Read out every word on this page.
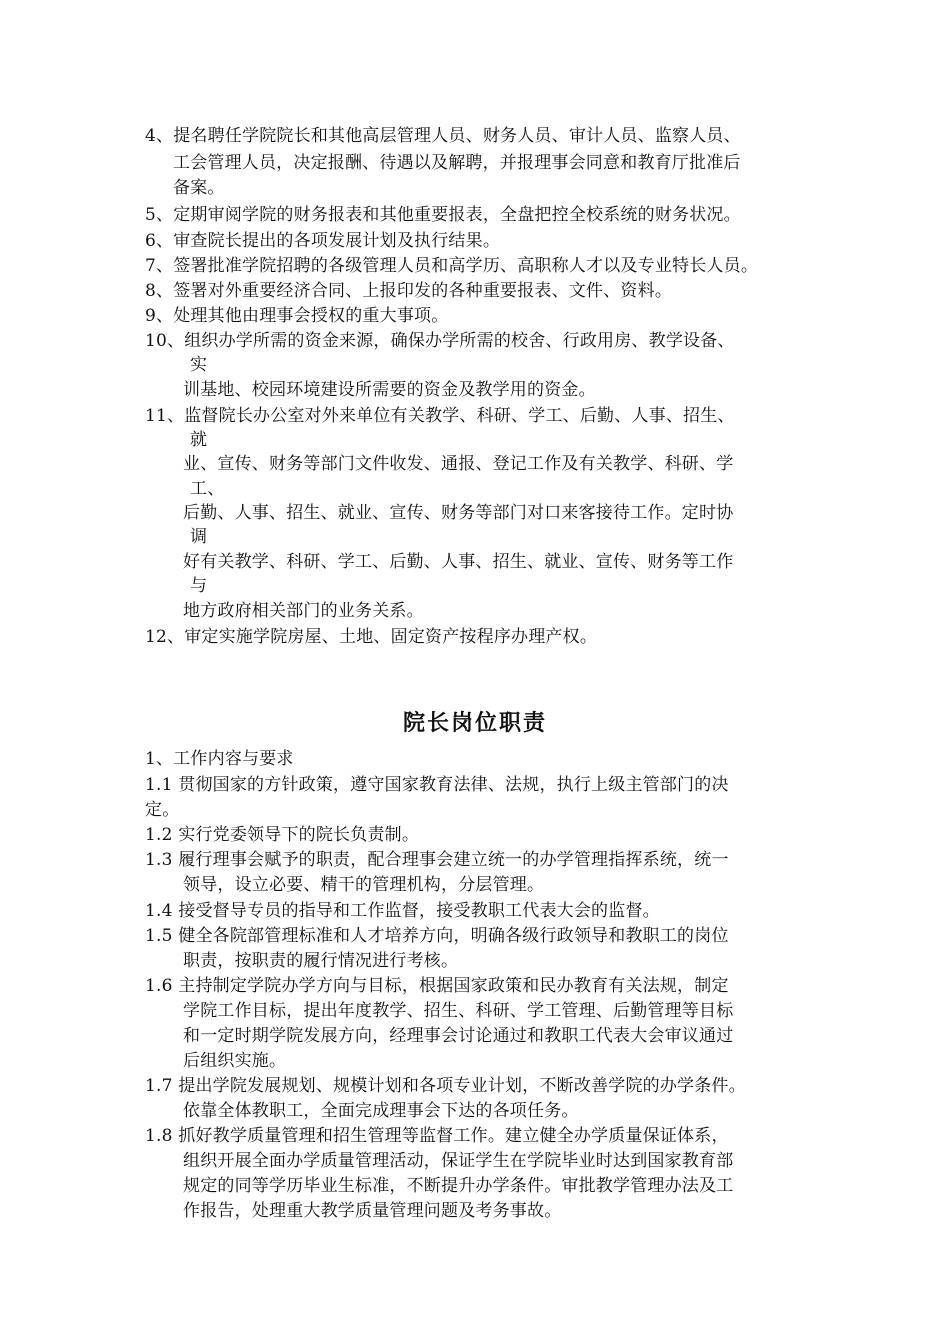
4、提名聘任学院院长和其他高层管理人员、财务人员、审计人员、监察人员、
工会管理人员，决定报酬、待遇以及解聘，并报理事会同意和教育厅批准后
备案。
5、定期审阅学院的财务报表和其他重要报表，全盘把控全校系统的财务状况。
6、审查院长提出的各项发展计划及执行结果。
7、签署批准学院招聘的各级管理人员和高学历、高职称人才以及专业特长人员。
8、签署对外重要经济合同、上报印发的各种重要报表、文件、资料。
9、处理其他由理事会授权的重大事项。
10、组织办学所需的资金来源，确保办学所需的校舍、行政用房、教学设备、
实
训基地、校园环境建设所需要的资金及教学用的资金。
11、监督院长办公室对外来单位有关教学、科研、学工、后勤、人事、招生、
就
业、宣传、财务等部门文件收发、通报、登记工作及有关教学、科研、学
工、
后勤、人事、招生、就业、宣传、财务等部门对口来客接待工作。定时协
调
好有关教学、科研、学工、后勤、人事、招生、就业、宣传、财务等工作
与
地方政府相关部门的业务关系。
12、审定实施学院房屋、土地、固定资产按程序办理产权。
院长岗位职责
1、工作内容与要求
1.1 贯彻国家的方针政策，遵守国家教育法律、法规，执行上级主管部门的决
定。
1.2 实行党委领导下的院长负责制。
1.3 履行理事会赋予的职责，配合理事会建立统一的办学管理指挥系统，统一
领导，设立必要、精干的管理机构，分层管理。
1.4 接受督导专员的指导和工作监督，接受教职工代表大会的监督。
1.5 健全各院部管理标准和人才培养方向，明确各级行政领导和教职工的岗位
职责，按职责的履行情况进行考核。
1.6 主持制定学院办学方向与目标，根据国家政策和民办教育有关法规，制定
学院工作目标，提出年度教学、招生、科研、学工管理、后勤管理等目标
和一定时期学院发展方向，经理事会讨论通过和教职工代表大会审议通过
后组织实施。
1.7 提出学院发展规划、规模计划和各项专业计划，不断改善学院的办学条件。
依靠全体教职工，全面完成理事会下达的各项任务。
1.8 抓好教学质量管理和招生管理等监督工作。建立健全办学质量保证体系，
组织开展全面办学质量管理活动，保证学生在学院毕业时达到国家教育部
规定的同等学历毕业生标准，不断提升办学条件。审批教学管理办法及工
作报告，处理重大教学质量管理问题及考务事故。
